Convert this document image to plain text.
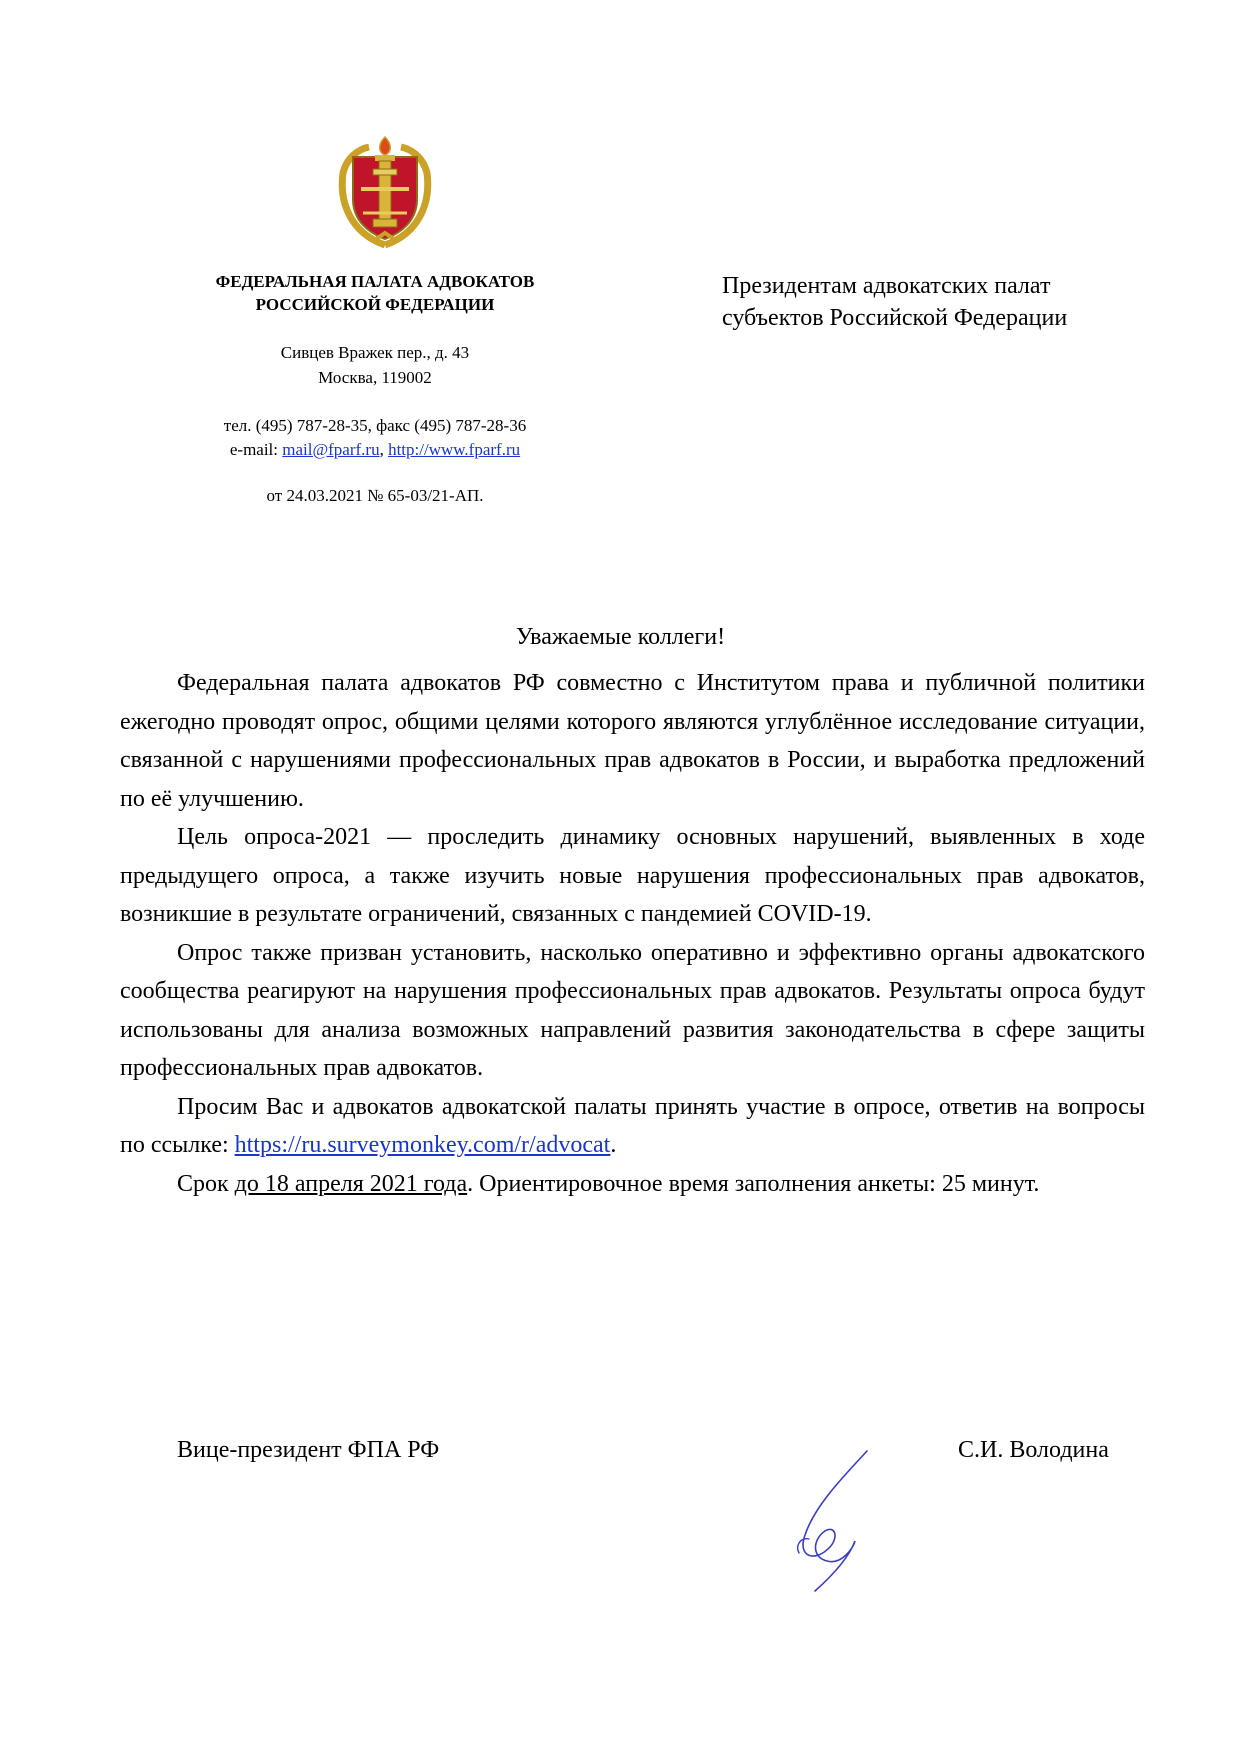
ФЕДЕРАЛЬНАЯ ПАЛАТА АДВОКАТОВ
РОССИЙСКОЙ ФЕДЕРАЦИИ
Сивцев Вражек пер., д. 43
Москва, 119002
тел. (495) 787-28-35, факс (495) 787-28-36
e-mail: mail@fparf.ru, http://www.fparf.ru
от 24.03.2021 № 65-03/21-АП.
Президентам адвокатских палат
субъектов Российской Федерации
Уважаемые коллеги!

Федеральная палата адвокатов РФ совместно с Институтом права и публичной политики ежегодно проводят опрос, общими целями которого являются углублённое исследование ситуации, связанной с нарушениями профессиональных прав адвокатов в России, и выработка предложений по её улучшению.

Цель опроса-2021 — проследить динамику основных нарушений, выявленных в ходе предыдущего опроса, а также изучить новые нарушения профессиональных прав адвокатов, возникшие в результате ограничений, связанных с пандемией COVID-19.

Опрос также призван установить, насколько оперативно и эффективно органы адвокатского сообщества реагируют на нарушения профессиональных прав адвокатов. Результаты опроса будут использованы для анализа возможных направлений развития законодательства в сфере защиты профессиональных прав адвокатов.

Просим Вас и адвокатов адвокатской палаты принять участие в опросе, ответив на вопросы по ссылке: https://ru.surveymonkey.com/r/advocat.

Срок до 18 апреля 2021 года. Ориентировочное время заполнения анкеты: 25 минут.

Вице-президент ФПА РФ	С.И. Володина
